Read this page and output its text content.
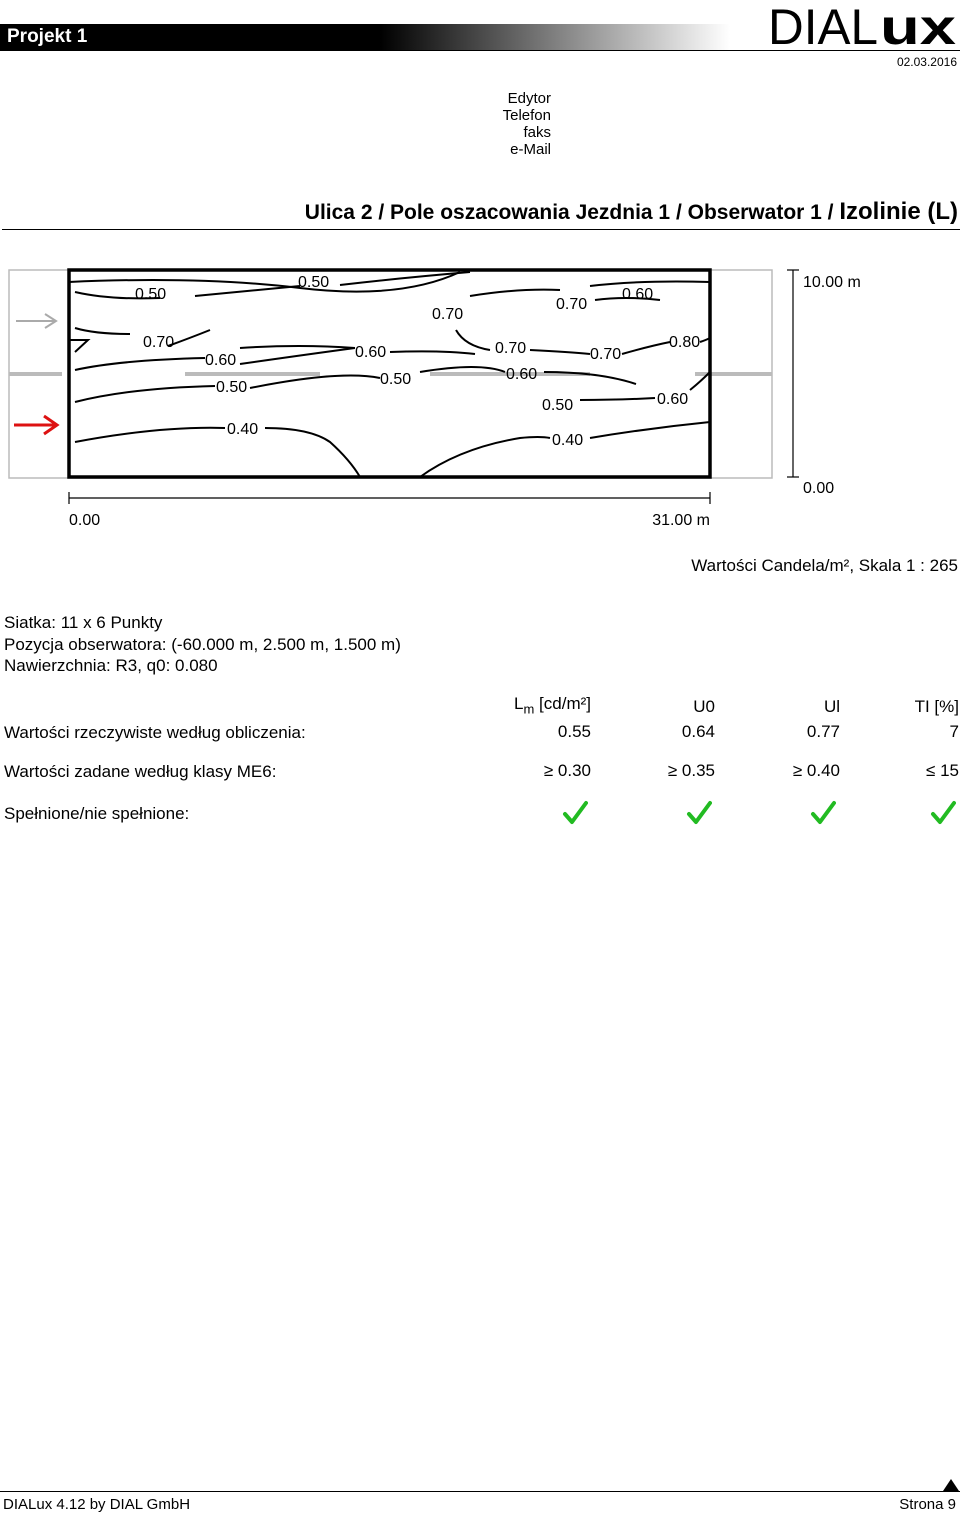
Projekt 1	DIAL ux
02.03.2016
Edytor
Telefon
faks
e-Mail
Ulica 2 / Pole oszacowania Jezdnia 1 / Obserwator 1 / Izolinie (L)
0.50
0.50
0.70
0.70
0.60
0.70
0.60	0.60	0.70	0.70
0.80
0.50	0.50	0.60
0.60
0.50
0.40
0.40
0.00	31.00 m
10.00 m
0.00
Wartości Candela/m², Skala 1 : 265
Siatka: 11 x 6 Punkty
Pozycja obserwatora: (-60.000 m, 2.500 m, 1.500 m)
Nawierzchnia: R3, q0: 0.080
$L_m$ [cd/m²]	U0	Ul	TI [%]
Wartości rzeczywiste według obliczenia:	0.55	0.64	0.77	7
Wartości zadane według klasy ME6:	≥ 0.30	≥ 0.35	≥ 0.40	≤ 15
Spełnione/nie spełnione:
DIALux 4.12 by DIAL GmbH	Strona 9
